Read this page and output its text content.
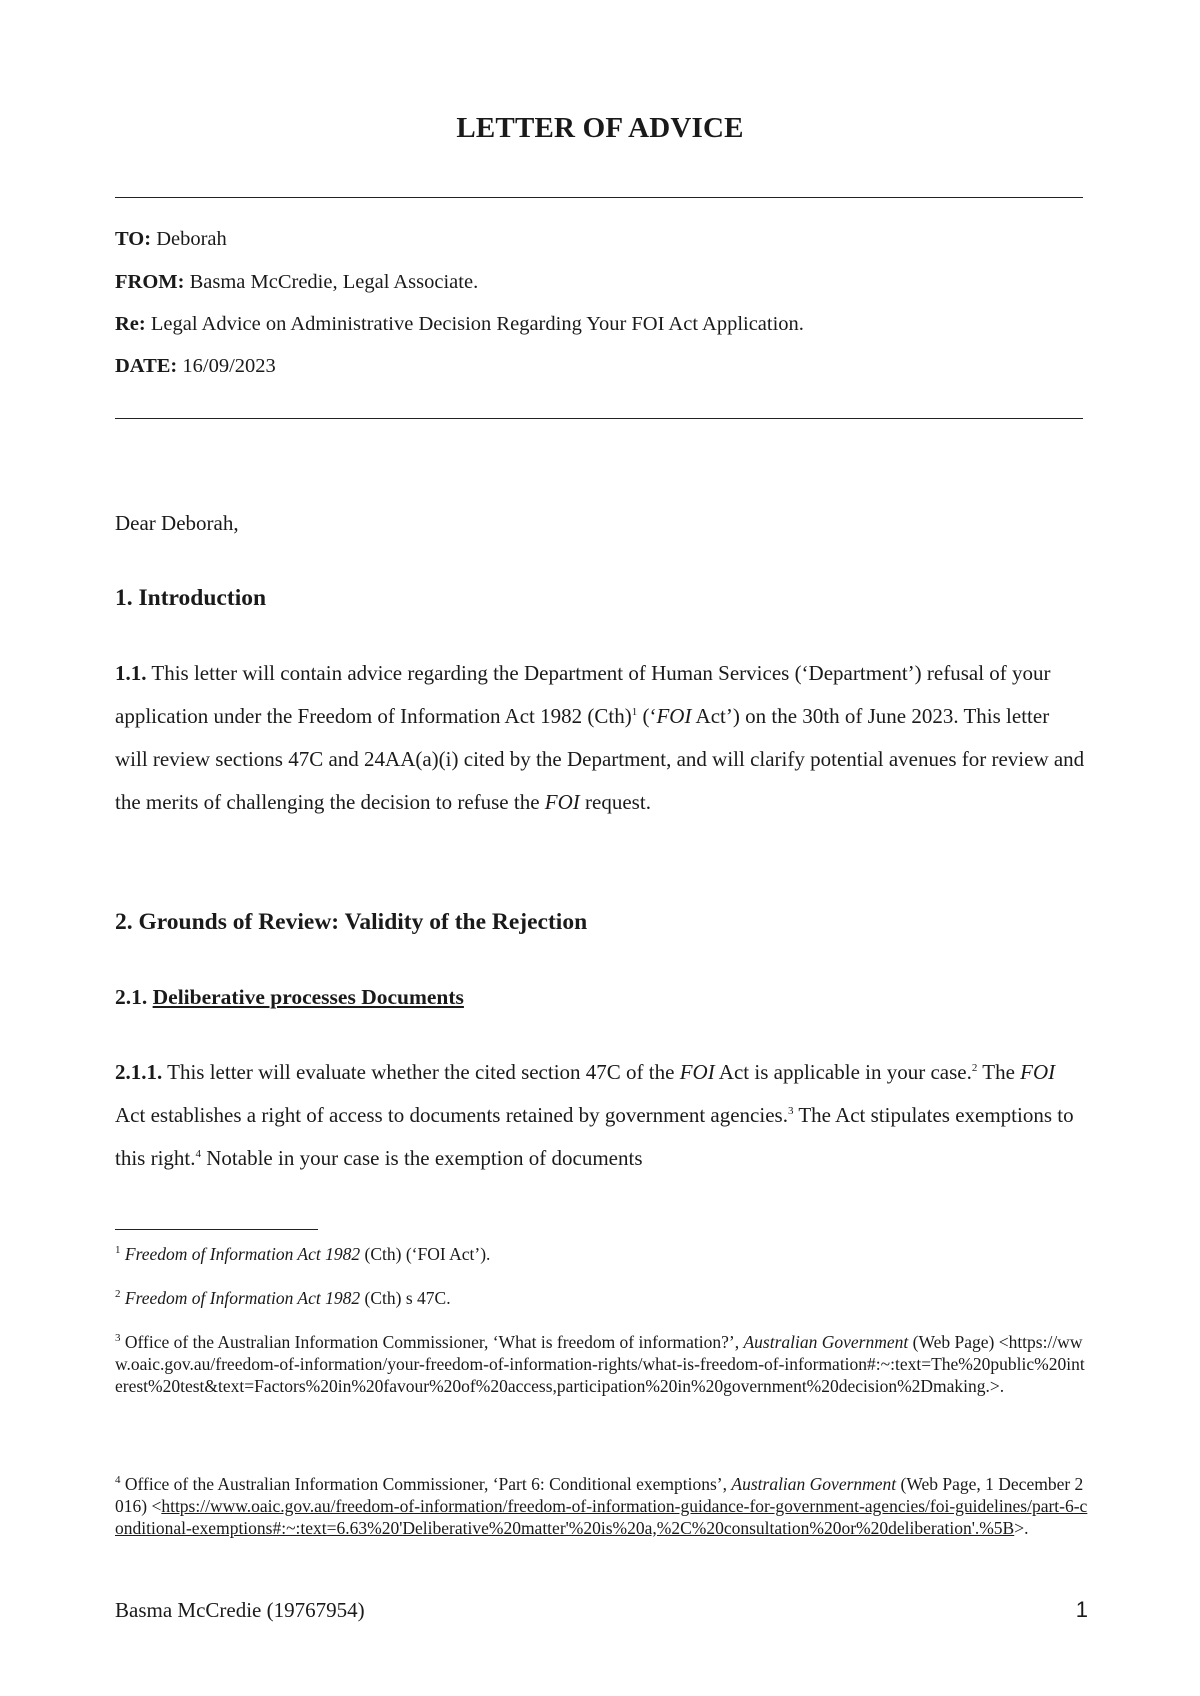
LETTER OF ADVICE
TO: Deborah
FROM: Basma McCredie, Legal Associate.
Re: Legal Advice on Administrative Decision Regarding Your FOI Act Application.
DATE: 16/09/2023
Dear Deborah,
1. Introduction
1.1. This letter will contain advice regarding the Department of Human Services (‘Department’) refusal of your application under the Freedom of Information Act 1982 (Cth)$^1$ (‘FOI Act’) on the 30th of June 2023. This letter will review sections 47C and 24AA(a)(i) cited by the Department, and will clarify potential avenues for review and the merits of challenging the decision to refuse the FOI request.
2. Grounds of Review: Validity of the Rejection
2.1. Deliberative processes Documents
2.1.1. This letter will evaluate whether the cited section 47C of the FOI Act is applicable in your case.$^2$ The FOI Act establishes a right of access to documents retained by government agencies.$^3$ The Act stipulates exemptions to this right.$^4$ Notable in your case is the exemption of documents
$^1$ Freedom of Information Act 1982 (Cth) (‘FOI Act’).
$^2$ Freedom of Information Act 1982 (Cth) s 47C.
$^3$ Office of the Australian Information Commissioner, ‘What is freedom of information?’, Australian Government (Web Page) <https://www.oaic.gov.au/freedom-of-information/your-freedom-of-information-rights/what-is-freedom-of-information#:~:text=The%20public%20interest%20test&text=Factors%20in%20favour%20of%20access,participation%20in%20government%20decision%2Dmaking.>.
$^4$ Office of the Australian Information Commissioner, ‘Part 6: Conditional exemptions’, Australian Government (Web Page, 1 December 2016) <https://www.oaic.gov.au/freedom-of-information/freedom-of-information-guidance-for-government-agencies/foi-guidelines/part-6-conditional-exemptions#:~:text=6.63%20'Deliberative%20matter'%20is%20a,%2C%20consultation%20or%20deliberation'.%5B>.
Basma McCredie (19767954)	1
